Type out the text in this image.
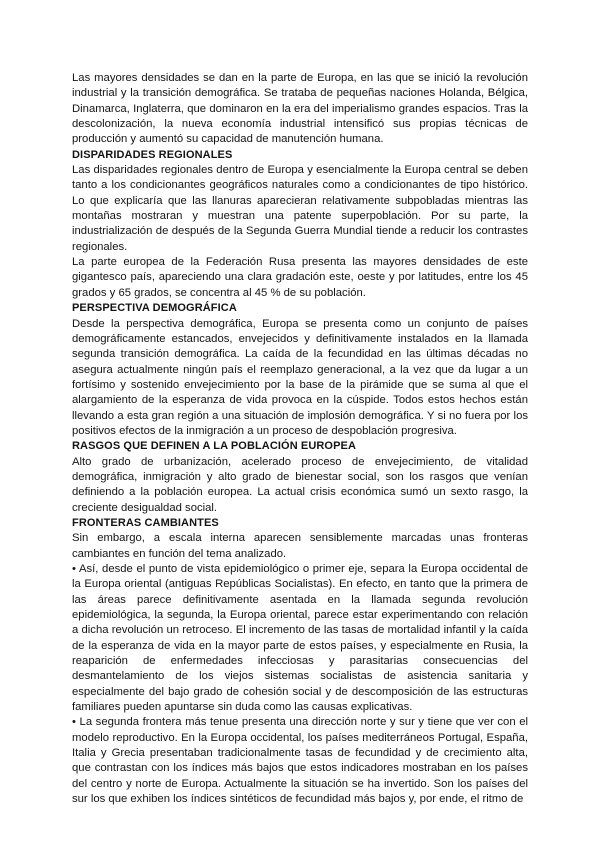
Las mayores densidades se dan en la parte de Europa, en las que se inició la revolución industrial y la transición demográfica. Se trataba de pequeñas naciones Holanda, Bélgica, Dinamarca, Inglaterra, que dominaron en la era del imperialismo grandes espacios. Tras la descolonización, la nueva economía industrial intensificó sus propias técnicas de producción y aumentó su capacidad de manutención humana.

DISPARIDADES REGIONALES

Las disparidades regionales dentro de Europa y esencialmente la Europa central se deben tanto a los condicionantes geográficos naturales como a condicionantes de tipo histórico. Lo que explicaría que las llanuras aparecieran relativamente subpobladas mientras las montañas mostraran y muestran una patente superpoblación. Por su parte, la industrialización de después de la Segunda Guerra Mundial tiende a reducir los contrastes regionales.

La parte europea de la Federación Rusa presenta las mayores densidades de este gigantesco país, apareciendo una clara gradación este, oeste y por latitudes, entre los 45 grados y 65 grados, se concentra al 45 % de su población.

PERSPECTIVA DEMOGRÁFICA

Desde la perspectiva demográfica, Europa se presenta como un conjunto de países demográficamente estancados, envejecidos y definitivamente instalados en la llamada segunda transición demográfica. La caída de la fecundidad en las últimas décadas no asegura actualmente ningún país el reemplazo generacional, a la vez que da lugar a un fortísimo y sostenido envejecimiento por la base de la pirámide que se suma al que el alargamiento de la esperanza de vida provoca en la cúspide. Todos estos hechos están llevando a esta gran región a una situación de implosión demográfica. Y si no fuera por los positivos efectos de la inmigración a un proceso de despoblación progresiva.

RASGOS QUE DEFINEN A LA POBLACIÓN EUROPEA

Alto grado de urbanización, acelerado proceso de envejecimiento, de vitalidad demográfica, inmigración y alto grado de bienestar social, son los rasgos que venían definiendo a la población europea. La actual crisis económica sumó un sexto rasgo, la creciente desigualdad social.

FRONTERAS CAMBIANTES

Sin embargo, a escala interna aparecen sensiblemente marcadas unas fronteras cambiantes en función del tema analizado.

• Así, desde el punto de vista epidemiológico o primer eje, separa la Europa occidental de la Europa oriental (antiguas Repúblicas Socialistas). En efecto, en tanto que la primera de las áreas parece definitivamente asentada en la llamada segunda revolución epidemiológica, la segunda, la Europa oriental, parece estar experimentando con relación a dicha revolución un retroceso. El incremento de las tasas de mortalidad infantil y la caída de la esperanza de vida en la mayor parte de estos países, y especialmente en Rusia, la reaparición de enfermedades infecciosas y parasitarias consecuencias del desmantelamiento de los viejos sistemas socialistas de asistencia sanitaria y especialmente del bajo grado de cohesión social y de descomposición de las estructuras familiares pueden apuntarse sin duda como las causas explicativas.

• La segunda frontera más tenue presenta una dirección norte y sur y tiene que ver con el modelo reproductivo. En la Europa occidental, los países mediterráneos Portugal, España, Italia y Grecia presentaban tradicionalmente tasas de fecundidad y de crecimiento alta, que contrastan con los índices más bajos que estos indicadores mostraban en los países del centro y norte de Europa. Actualmente la situación se ha invertido. Son los países del sur los que exhiben los índices sintéticos de fecundidad más bajos y, por ende, el ritmo de
